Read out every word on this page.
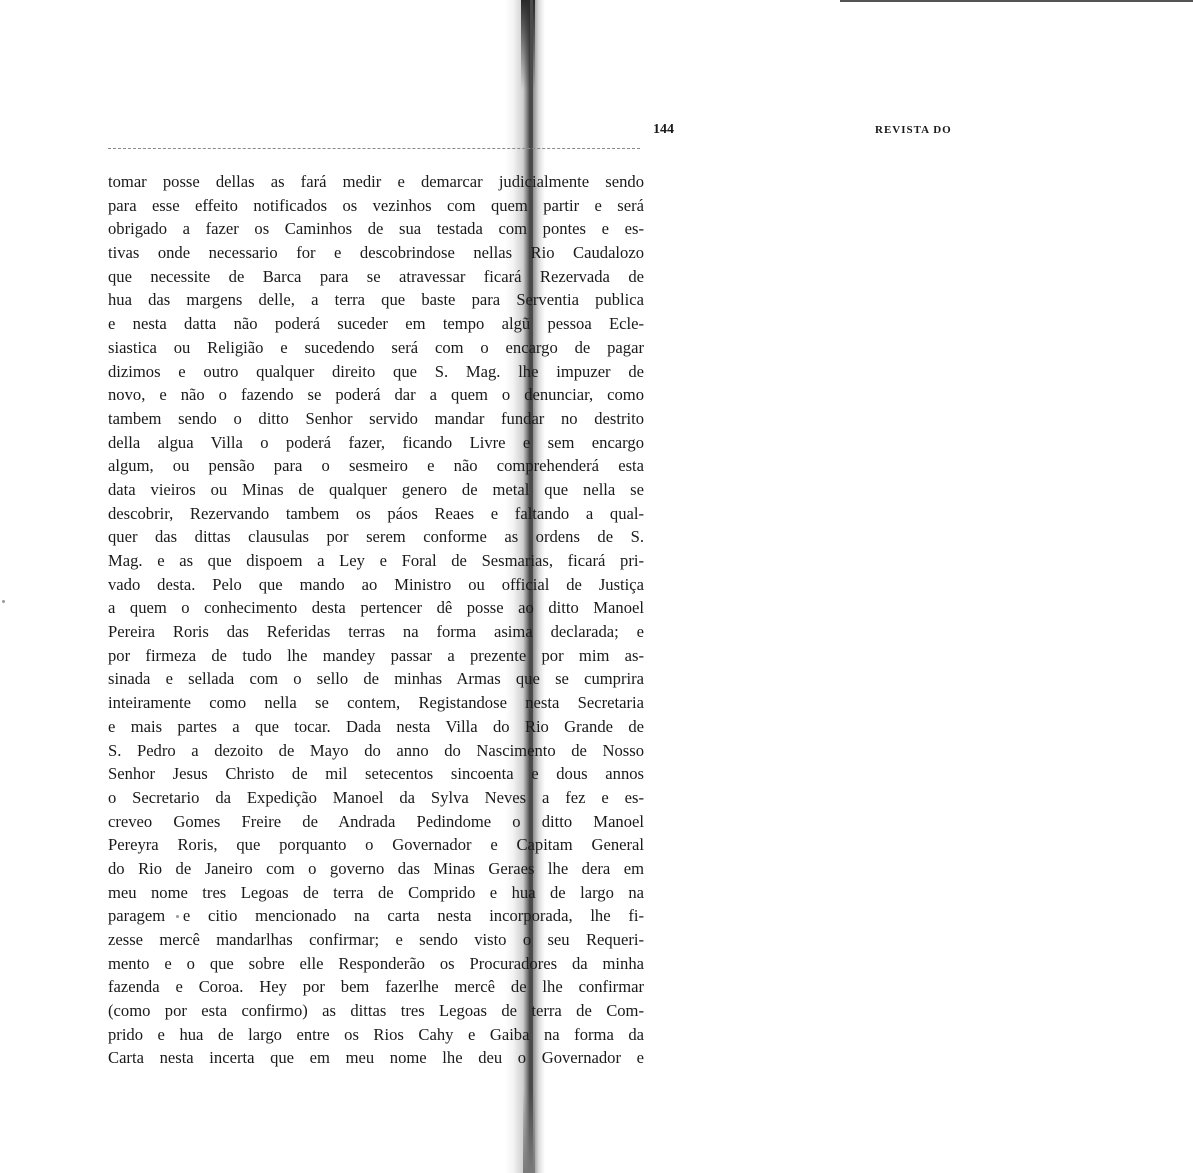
144	REVISTA DO
tomar posse dellas as fará medir e demarcar judicialmente sendo
para esse effeito notificados os vezinhos com quem partir e será
obrigado a fazer os Caminhos de sua testada com pontes e es-
tivas onde necessario for e descobrindose nellas Rio Caudalozo
que necessite de Barca para se atravessar ficará Rezervada de
hua das margens delle, a terra que baste para Serventia publica
e nesta datta não poderá suceder em tempo algũ pessoa Ecle-
siastica ou Religião e sucedendo será com o encargo de pagar
dizimos e outro qualquer direito que S. Mag. lhe impuzer de
novo, e não o fazendo se poderá dar a quem o denunciar, como
tambem sendo o ditto Senhor servido mandar fundar no destrito
della algua Villa o poderá fazer, ficando Livre e sem encargo
algum, ou pensão para o sesmeiro e não comprehenderá esta
data vieiros ou Minas de qualquer genero de metal que nella se
descobrir, Rezervando tambem os páos Reaes e faltando a qual-
quer das dittas clausulas por serem conforme as ordens de S.
Mag. e as que dispoem a Ley e Foral de Sesmarias, ficará pri-
vado desta. Pelo que mando ao Ministro ou official de Justiça
a quem o conhecimento desta pertencer dê posse ao ditto Manoel
Pereira Roris das Referidas terras na forma asima declarada; e
por firmeza de tudo lhe mandey passar a prezente por mim as-
sinada e sellada com o sello de minhas Armas que se cumprira
inteiramente como nella se contem, Registandose nesta Secretaria
e mais partes a que tocar. Dada nesta Villa do Rio Grande de
S. Pedro a dezoito de Mayo do anno do Nascimento de Nosso
Senhor Jesus Christo de mil setecentos sincoenta e dous annos
o Secretario da Expedição Manoel da Sylva Neves a fez e es-
creveo Gomes Freire de Andrada Pedindome o ditto Manoel
Pereyra Roris, que porquanto o Governador e Capitam General
do Rio de Janeiro com o governo das Minas Geraes lhe dera em
meu nome tres Legoas de terra de Comprido e hua de largo na
paragem e citio mencionado na carta nesta incorporada, lhe fi-
zesse mercê mandarlhas confirmar; e sendo visto o seu Requeri-
mento e o que sobre elle Responderão os Procuradores da minha
fazenda e Coroa. Hey por bem fazerlhe mercê de lhe confirmar
(como por esta confirmo) as dittas tres Legoas de terra de Com-
prido e hua de largo entre os Rios Cahy e Gaiba na forma da
Carta nesta incerta que em meu nome lhe deu o Governador e
